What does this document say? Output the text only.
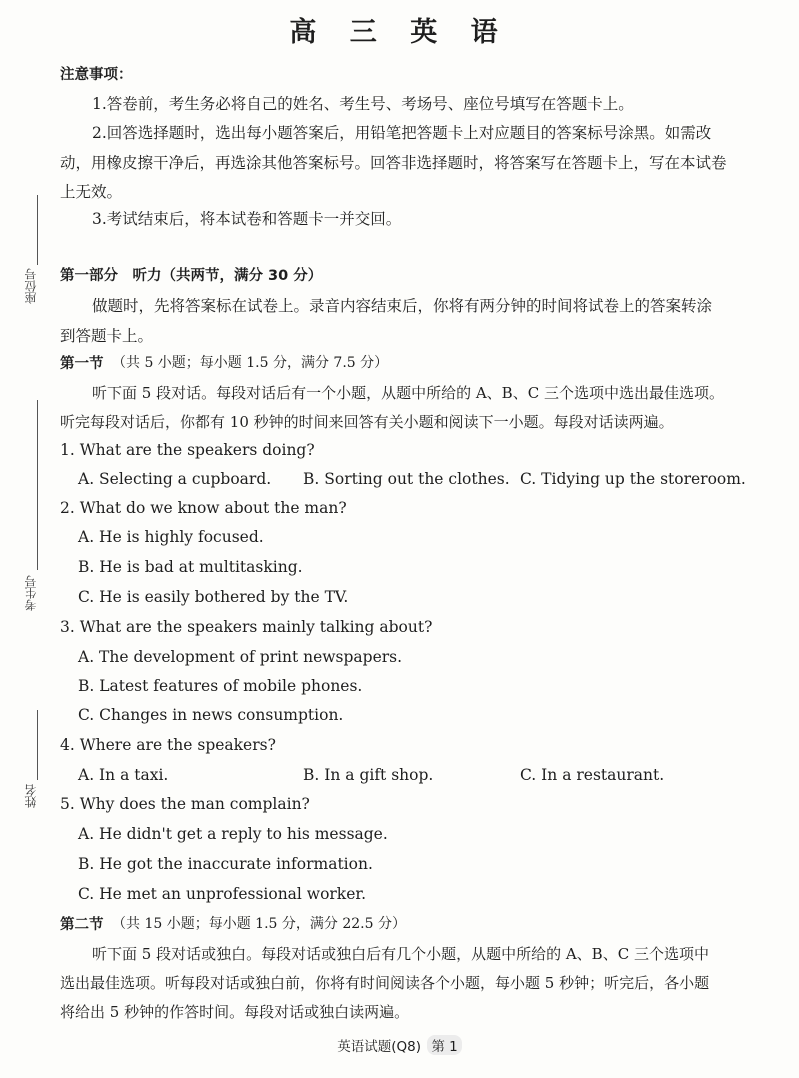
高 三 英 语
座位号
考生号
姓名
注意事项：
1.答卷前，考生务必将自己的姓名、考生号、考场号、座位号填写在答题卡上。
2.回答选择题时，选出每小题答案后，用铅笔把答题卡上对应题目的答案标号涂黑。如需改
动，用橡皮擦干净后，再选涂其他答案标号。回答非选择题时，将答案写在答题卡上，写在本试卷
上无效。
3.考试结束后，将本试卷和答题卡一并交回。
第一部分　听力（共两节，满分 30 分）
做题时，先将答案标在试卷上。录音内容结束后，你将有两分钟的时间将试卷上的答案转涂
到答题卡上。
第一节 （共 5 小题；每小题 1.5 分，满分 7.5 分）
听下面 5 段对话。每段对话后有一个小题，从题中所给的 A、B、C 三个选项中选出最佳选项。
听完每段对话后，你都有 10 秒钟的时间来回答有关小题和阅读下一小题。每段对话读两遍。
1. What are the speakers doing?
A. Selecting a cupboard. B. Sorting out the clothes. C. Tidying up the storeroom.
2. What do we know about the man?
A. He is highly focused.
B. He is bad at multitasking.
C. He is easily bothered by the TV.
3. What are the speakers mainly talking about?
A. The development of print newspapers.
B. Latest features of mobile phones.
C. Changes in news consumption.
4. Where are the speakers?
A. In a taxi.	B. In a gift shop.	C. In a restaurant.
5. Why does the man complain?
A. He didn't get a reply to his message.
B. He got the inaccurate information.
C. He met an unprofessional worker.
第二节 （共 15 小题；每小题 1.5 分，满分 22.5 分）
听下面 5 段对话或独白。每段对话或独白后有几个小题，从题中所给的 A、B、C 三个选项中
选出最佳选项。听每段对话或独白前，你将有时间阅读各个小题，每小题 5 秒钟；听完后，各小题
将给出 5 秒钟的作答时间。每段对话或独白读两遍。
英语试题(Q8) 第 1
